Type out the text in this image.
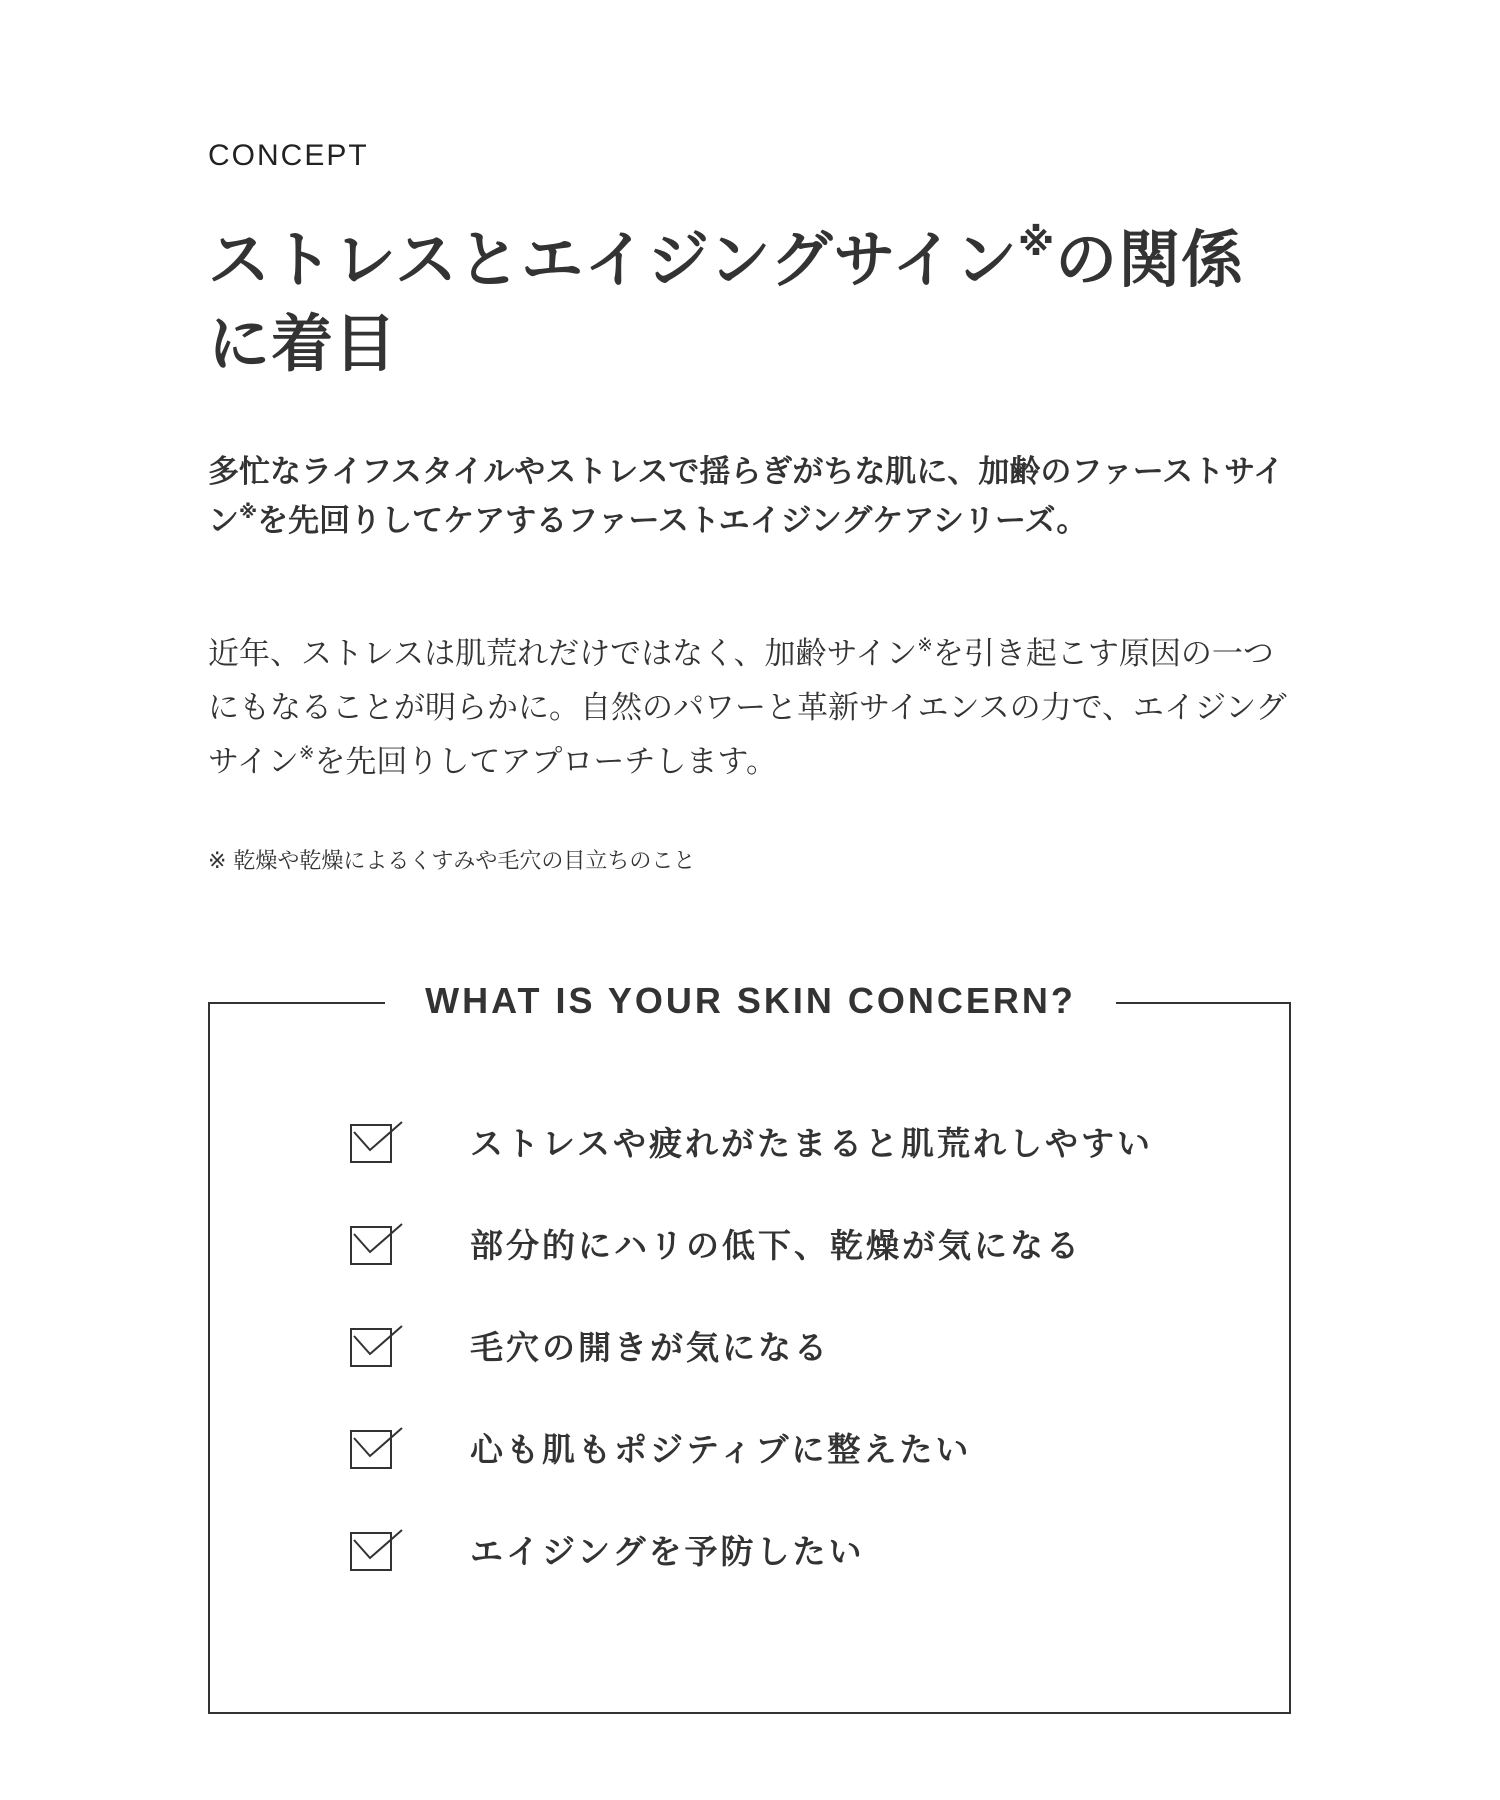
CONCEPT
ストレスとエイジングサイン※の関係に着目

多忙なライフスタイルやストレスで揺らぎがちな肌に、加齢のファーストサイン※を先回りしてケアするファーストエイジングケアシリーズ。

近年、ストレスは肌荒れだけではなく、加齢サイン※を引き起こす原因の一つにもなることが明らかに。自然のパワーと革新サイエンスの力で、エイジングサイン※を先回りしてアプローチします。

※ 乾燥や乾燥によるくすみや毛穴の目立ちのこと
WHAT IS YOUR SKIN CONCERN?
ストレスや疲れがたまると肌荒れしやすい
部分的にハリの低下、乾燥が気になる
毛穴の開きが気になる
心も肌もポジティブに整えたい
エイジングを予防したい
